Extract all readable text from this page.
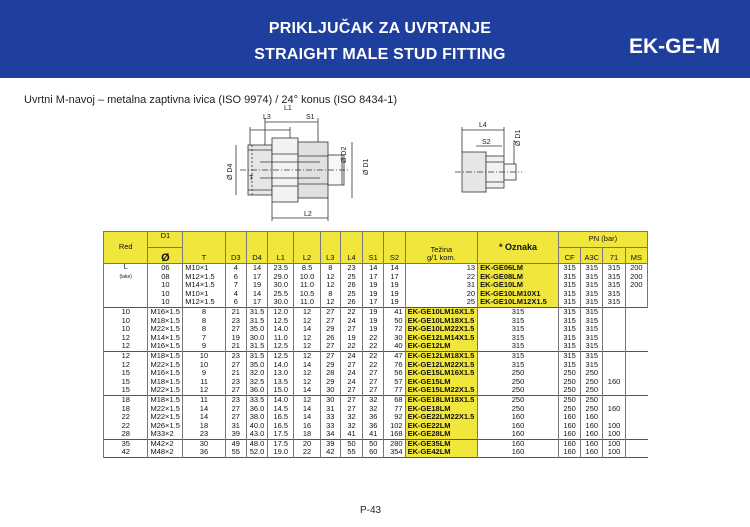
PRIKLJUČAK ZA UVRTANJE
STRAIGHT MALE STUD FITTING	EK-GE-M
Uvrtni M-navoj – metalna zaptivna ivica (ISO 9974) / 24° konus (ISO 8434-1)
L1
L3	S1
Ø D2
Ø D1
Ø D4 T
L2
L4
S2	Ø D1
Red	D1	T	D3	D4	L1	L2	L3	L4	S1	S2	Težina
g/1 kom.	* Oznaka	PN (bar)			
	Ø												CF	A3C	71	MS
L
(lake)	06	M10×1	4	14	23.5	8.5	8	23	14	14	13	EK-GE06LM	315	315	315	200
	08	M12×1.5	6	17	29.0	10.0	12	25	17	17	22	EK-GE08LM	315	315	315	200
	10	M14×1.5	7	19	30.0	11.0	12	26	19	19	31	EK-GE10LM	315	315	315	200
	10	M10×1	4	14	25.5	10.5	8	25	19	19	20	EK-GE10LM10X1	315	315	315	
	10	M12×1.5	6	17	30.0	11.0	12	26	17	19	25	EK-GE10LM12X1.5	315	315	315	
10	M16×1.5	8	21	31.5	12.0	12	27	22	19	41	EK-GE10LM16X1.5	315	315	315		
10	M18×1.5	8	23	31.5	12.5	12	27	24	19	50	EK-GE10LM18X1.5	315	315	315		
10	M22×1.5	8	27	35.0	14.0	14	29	27	19	72	EK-GE10LM22X1.5	315	315	315		
12	M14×1.5	7	19	30.0	11.0	12	26	19	22	30	EK-GE12LM14X1.5	315	315	315		
12	M16×1.5	9	21	31.5	12.5	12	27	22	22	40	EK-GE12LM	315	315	315		
12	M18×1.5	10	23	31.5	12.5	12	27	24	22	47	EK-GE12LM18X1.5	315	315	315		
12	M22×1.5	10	27	35.0	14.0	14	29	27	22	76	EK-GE12LM22X1.5	315	315	315		
15	M16×1.5	9	21	32.0	13.0	12	28	24	27	56	EK-GE15LM16X1.5	250	250	250		
15	M18×1.5	11	23	32.5	13.5	12	29	24	27	57	EK-GE15LM	250	250	250	160	
15	M22×1.5	12	27	36.0	15.0	14	30	27	27	77	EK-GE15LM22X1.5	250	250	250		
18	M18×1.5	11	23	33.5	14.0	12	30	27	32	68	EK-GE18LM18X1.5	250	250	250		
18	M22×1.5	14	27	36.0	14.5	14	31	27	32	77	EK-GE18LM	250	250	250	160	
22	M22×1.5	14	27	38.0	16.5	14	33	32	36	92	EK-GE22LM22X1.5	160	160	160		
22	M26×1.5	18	31	40.0	16.5	16	33	32	36	102	EK-GE22LM	160	160	160	100	
28	M33×2	23	39	43.0	17.5	18	34	41	41	168	EK-GE28LM	160	160	160	100	
35	M42×2	30	49	48.0	17.5	20	39	50	50	280	EK-GE35LM	160	160	160	100	
42	M48×2	36	55	52.0	19.0	22	42	55	60	354	EK-GE42LM	160	160	160	100	
P-43
